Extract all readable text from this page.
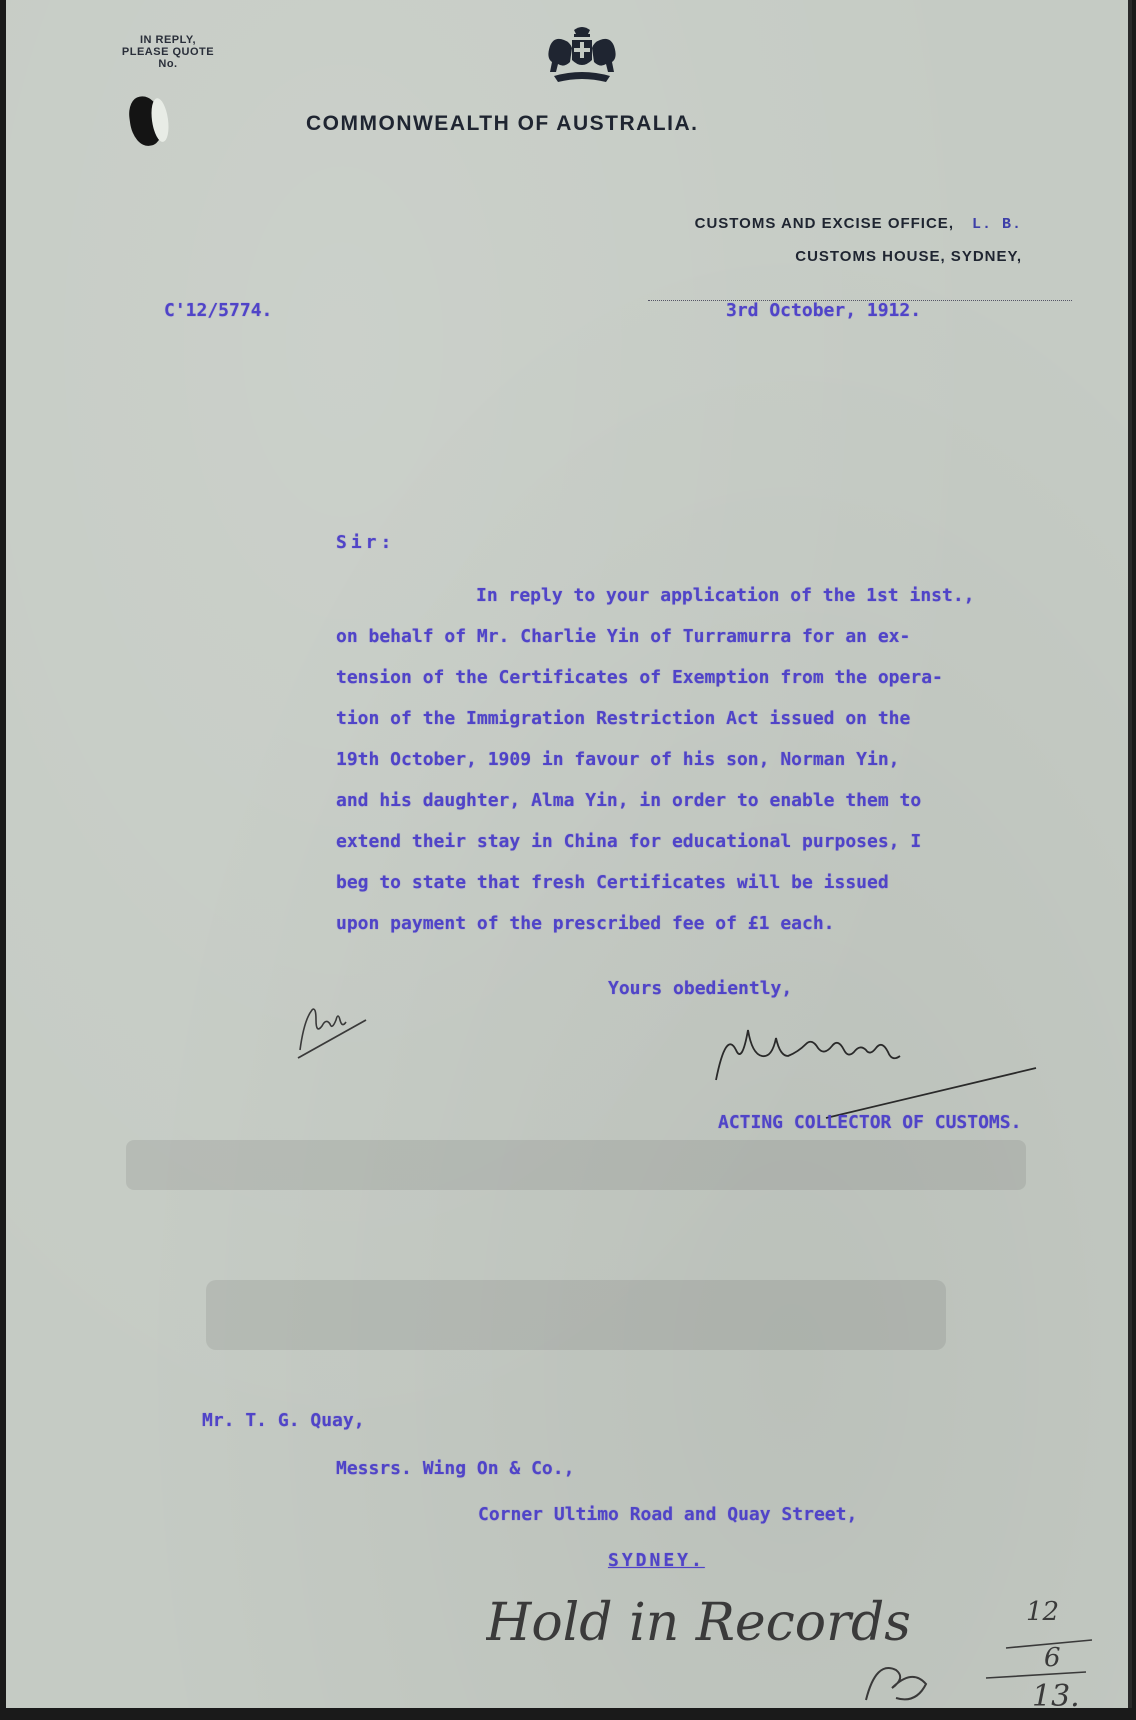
IN REPLY,
PLEASE QUOTE
No.
COMMONWEALTH OF AUSTRALIA.
CUSTOMS AND EXCISE OFFICE, L. B.
CUSTOMS HOUSE, SYDNEY,
C'12/5774.	3rd October, 1912.
Sir:
In reply to your application of the 1st inst.,
on behalf of Mr. Charlie Yin of Turramurra for an ex-
tension of the Certificates of Exemption from the opera-
tion of the Immigration Restriction Act issued on the
19th October, 1909 in favour of his son, Norman Yin,
and his daughter, Alma Yin, in order to enable them to
extend their stay in China for educational purposes, I
beg to state that fresh Certificates will be issued
upon payment of the prescribed fee of £1 each.
Yours obediently,
ACTING COLLECTOR OF CUSTOMS.
Mr. T. G. Quay,
Messrs. Wing On & Co.,
Corner Ultimo Road and Quay Street,
SYDNEY.
Hold in Records	12
6
13.
